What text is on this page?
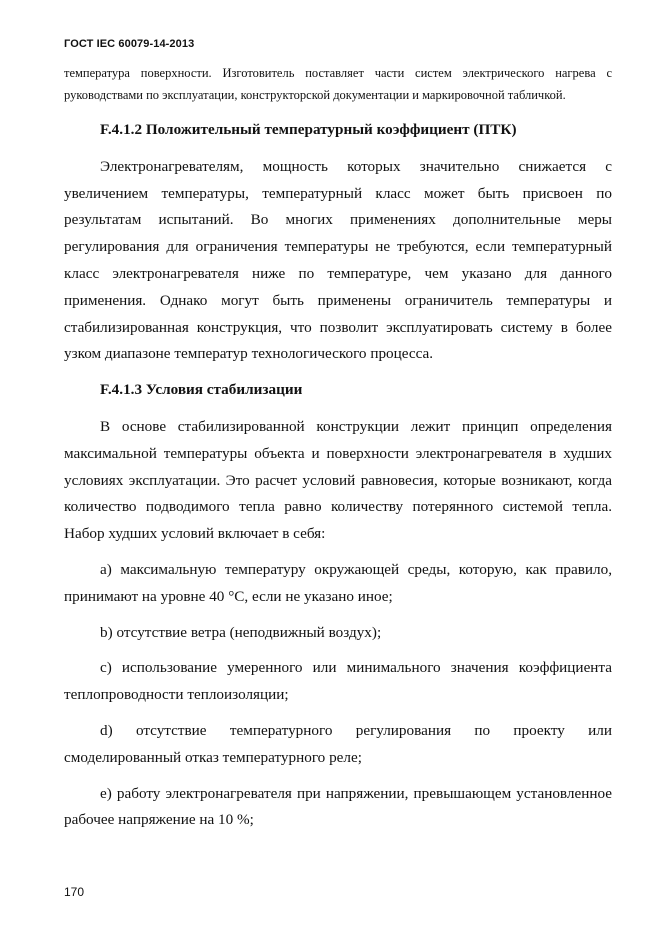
ГОСТ IEC 60079-14-2013
температура поверхности. Изготовитель поставляет части систем электрического нагрева с руководствами по эксплуатации, конструкторской документации и маркировочной табличкой.

F.4.1.2 Положительный температурный коэффициент (ПТК)

Электронагревателям, мощность которых значительно снижается с увеличением температуры, температурный класс может быть присвоен по результатам испытаний. Во многих применениях дополнительные меры регулирования для ограничения температуры не требуются, если температурный класс электронагревателя ниже по температуре, чем указано для данного применения. Однако могут быть применены ограничитель температуры и стабилизированная конструкция, что позволит эксплуатировать систему в более узком диапазоне температур технологического процесса.

F.4.1.3 Условия стабилизации

В основе стабилизированной конструкции лежит принцип определения максимальной температуры объекта и поверхности электронагревателя в худших условиях эксплуатации. Это расчет условий равновесия, которые возникают, когда количество подводимого тепла равно количеству потерянного системой тепла. Набор худших условий включает в себя:

a) максимальную температуру окружающей среды, которую, как правило, принимают на уровне 40 °C, если не указано иное;

b) отсутствие ветра (неподвижный воздух);

c) использование умеренного или минимального значения коэффициента теплопроводности теплоизоляции;

d) отсутствие температурного регулирования по проекту или смоделированный отказ температурного реле;

e) работу электронагревателя при напряжении, превышающем установленное рабочее напряжение на 10 %;

170
